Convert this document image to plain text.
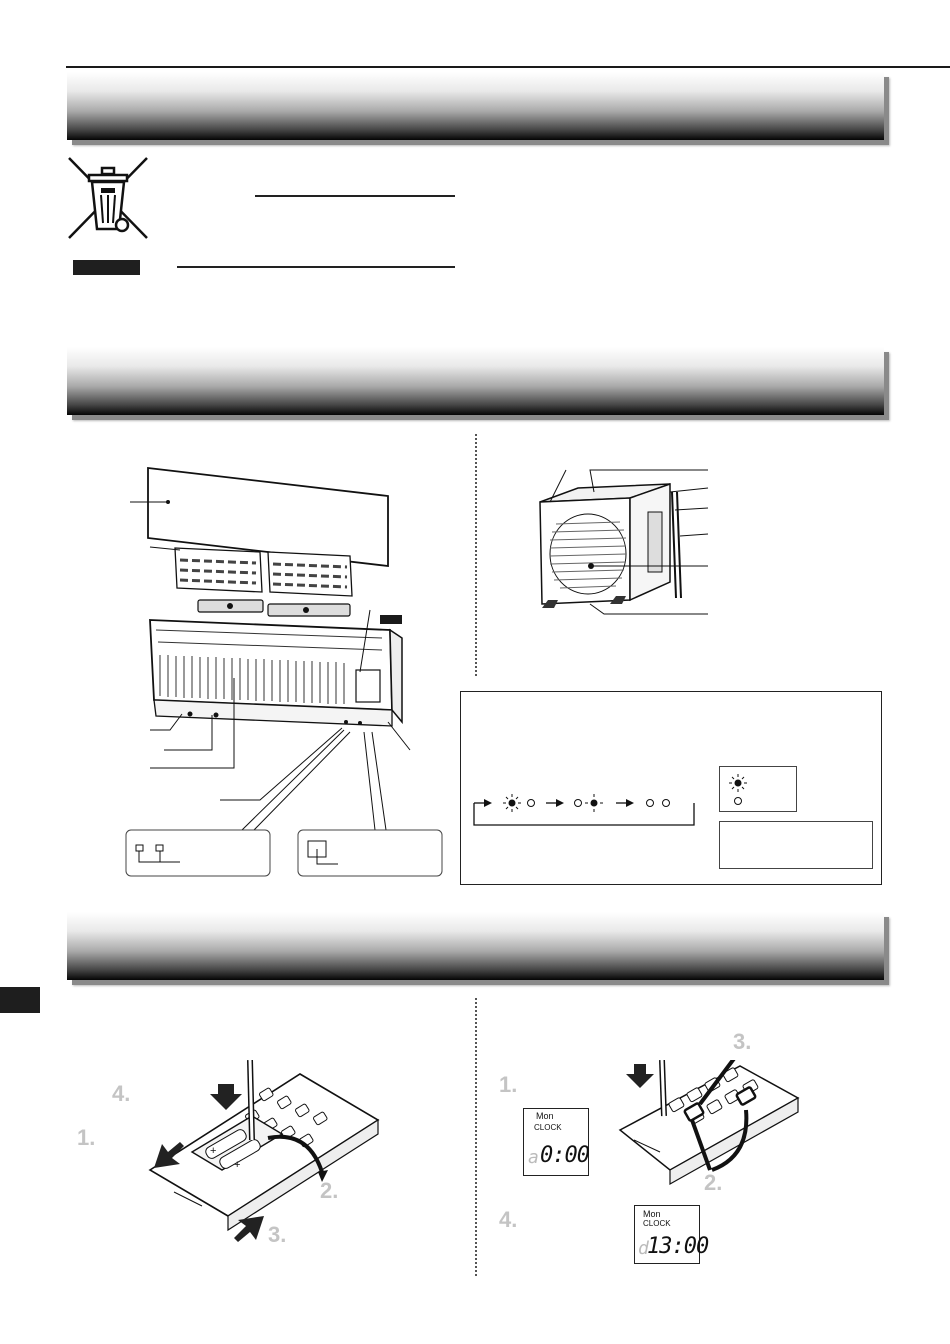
+
+
4.
1.
2.
3.
3.
1.
2.
4.
Mon
CLOCK
a 0:00
Mon
CLOCK
d
13:00
